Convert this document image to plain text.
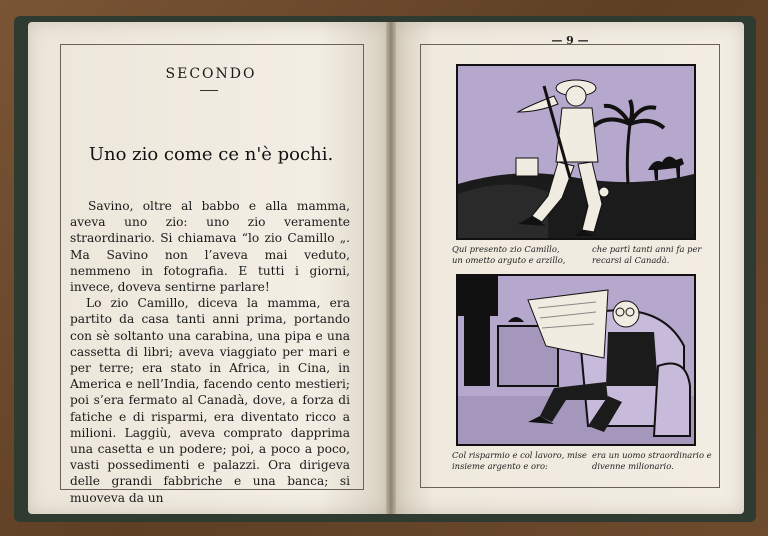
SECONDO
Uno zio come ce n'è pochi.

Savino, oltre al babbo e alla mamma, aveva uno zio: uno zio veramente straordinario. Si chiamava “lo zio Camillo „. Ma Savino non l’aveva mai veduto, nemmeno in fotografia. E tutti i giorni, invece, doveva sentirne parlare!

Lo zio Camillo, diceva la mamma, era partito da casa tanti anni prima, portando con sè soltanto una carabina, una pipa e una cassetta di libri; aveva viaggiato per mari e per terre; era stato in Africa, in Cina, in America e nell’India, facendo cento mestieri; poi s’era fermato al Canadà, dove, a forza di fatiche e di risparmi, era diventato ricco a milioni. Laggiù, aveva comprato dapprima una casetta e un podere; poi, a poco a poco, vasti possedimenti e palazzi. Ora dirigeva delle grandi fabbriche e una banca; si muoveva da un

— 9 —
Qui presento zio Camillo, un ometto arguto e arzillo,
che partì tanti anni fa per recarsi al Canadà.
Col risparmio e col lavoro, mise insieme argento e oro:
era un uomo straordinario e divenne milionario.
